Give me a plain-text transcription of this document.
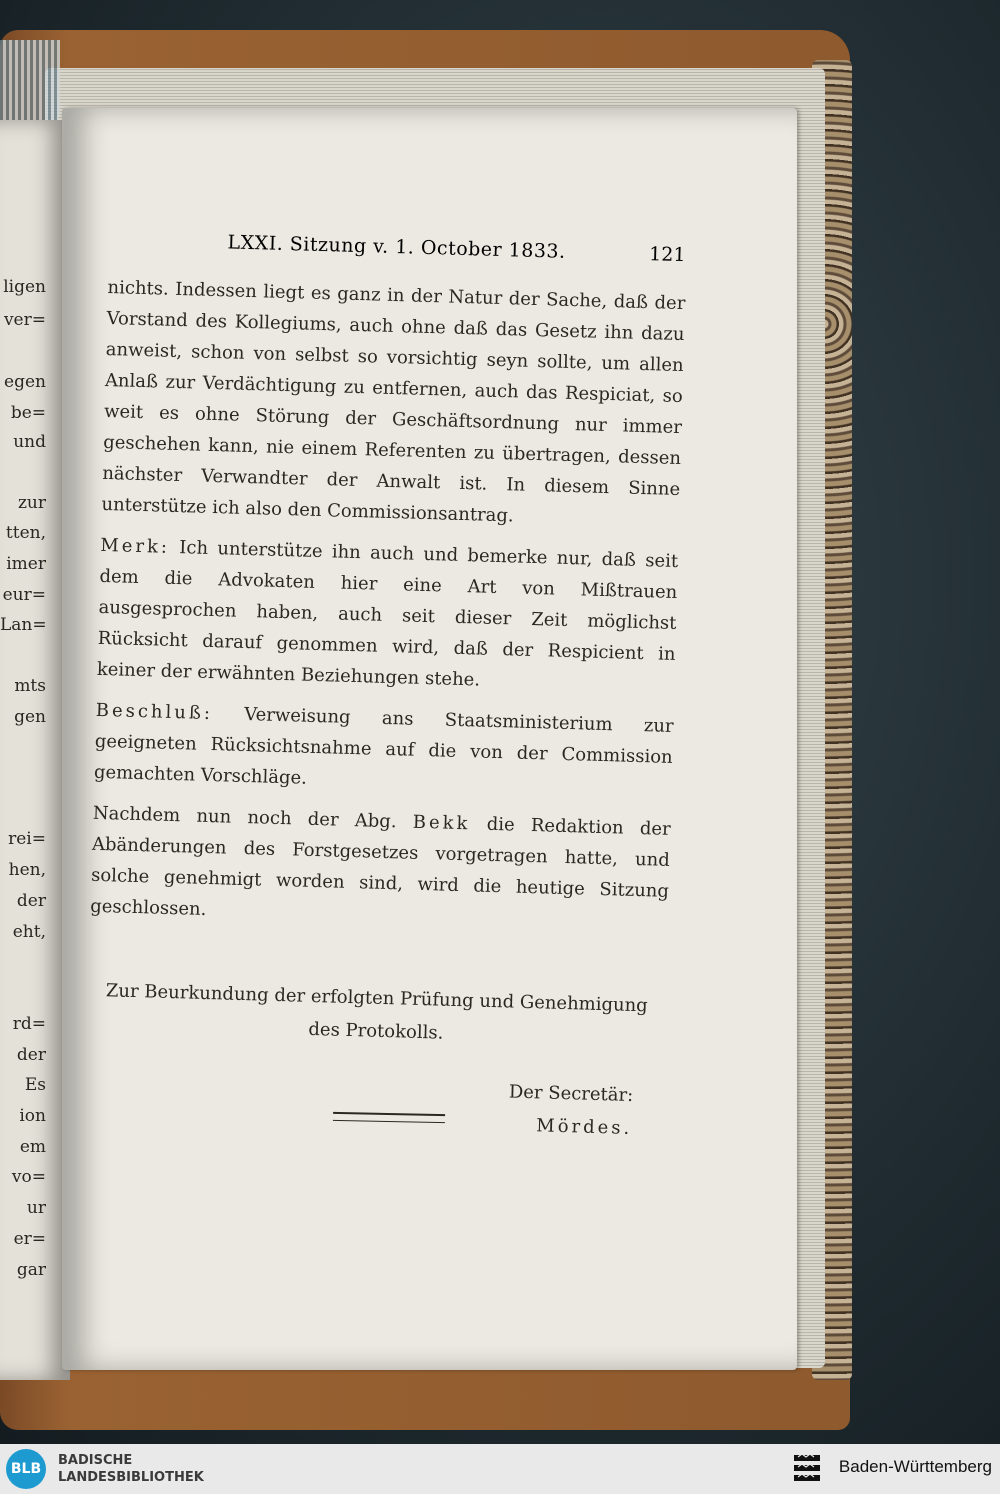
ligen
ver=
egen
be=
und
zur
tten,
imer
eur=
Lan=
mts
gen
rei=
hen,
der
eht,
rd=
der
Es
ion
em
vo=
ur
er=
gar
LXXI. Sitzung v. 1. October 1833.	121

nichts. Indessen liegt es ganz in der Natur der Sache, daß der Vorstand des Kollegiums, auch ohne daß das Gesetz ihn dazu anweist, schon von selbst so vorsichtig seyn sollte, um allen Anlaß zur Verdächtigung zu entfernen, auch das Respiciat, so weit es ohne Störung der Geschäftsordnung nur immer geschehen kann, nie einem Referenten zu übertragen, dessen nächster Verwandter der Anwalt ist. In diesem Sinne unterstütze ich also den Commissionsantrag.

Merk: Ich unterstütze ihn auch und bemerke nur, daß seit dem die Advokaten hier eine Art von Mißtrauen ausgesprochen haben, auch seit dieser Zeit möglichst Rücksicht darauf genommen wird, daß der Respicient in keiner der erwähnten Beziehungen stehe.

Beschluß: Verweisung ans Staatsministerium zur geeigneten Rücksichtsnahme auf die von der Commission gemachten Vorschläge.

Nachdem nun noch der Abg. Bekk die Redaktion der Abänderungen des Forstgesetzes vorgetragen hatte, und solche genehmigt worden sind, wird die heutige Sitzung geschlossen.

Zur Beurkundung der erfolgten Prüfung und Genehmigung des Protokolls.
Der Secretär:
Mördes.
BLB
BADISCHE
LANDESBIBLIOTHEK
Baden-Württemberg
